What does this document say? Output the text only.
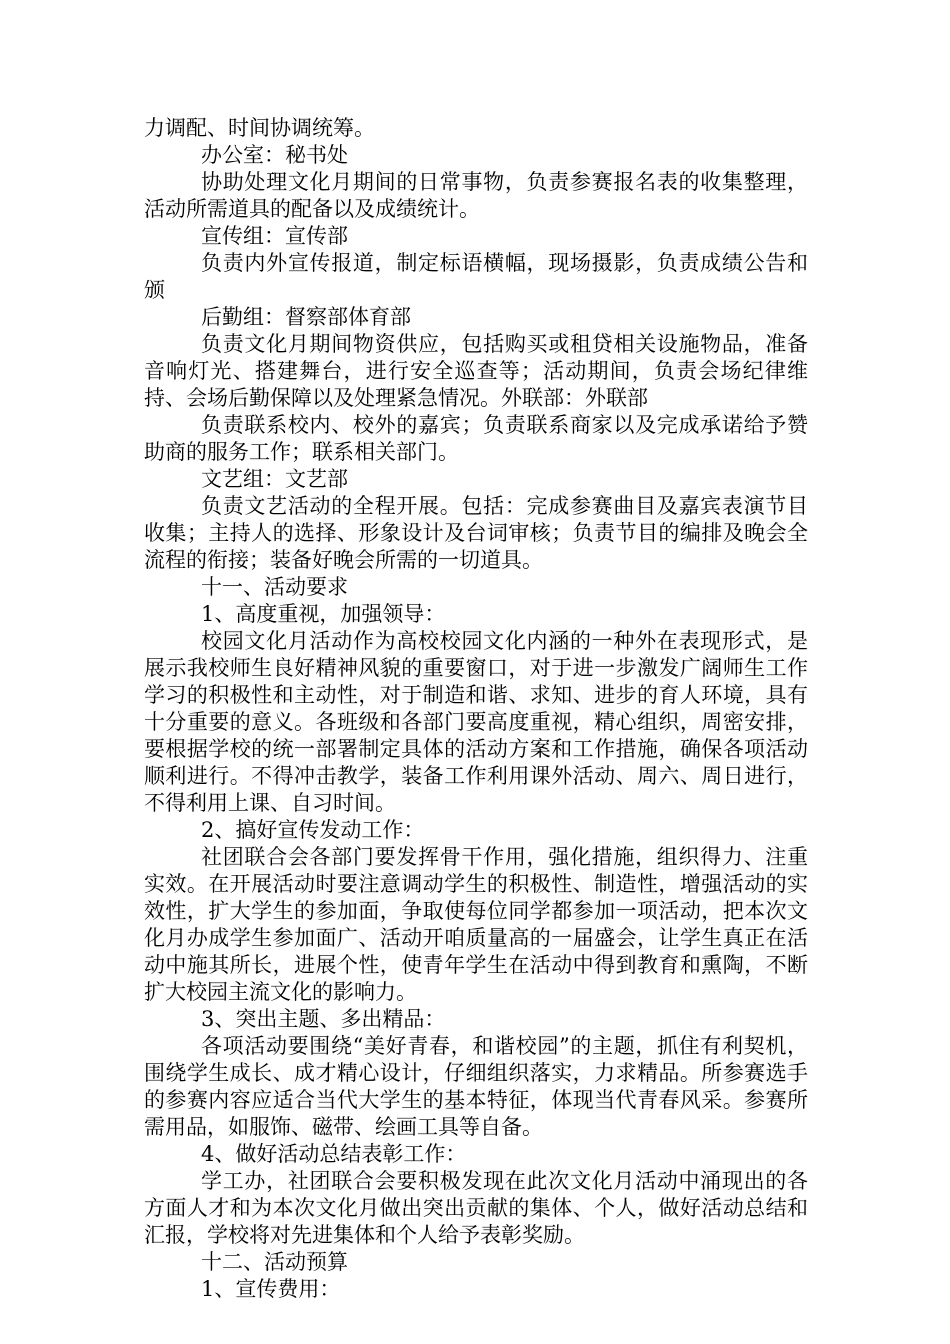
力调配、时间协调统筹。

办公室：秘书处

协助处理文化月期间的日常事物，负责参赛报名表的收集整理，活动所需道具的配备以及成绩统计。

宣传组：宣传部

负责内外宣传报道，制定标语横幅，现场摄影，负责成绩公告和颁

后勤组：督察部体育部

负责文化月期间物资供应，包括购买或租贷相关设施物品，准备音响灯光、搭建舞台，进行安全巡查等；活动期间，负责会场纪律维持、会场后勤保障以及处理紧急情况。外联部：外联部

负责联系校内、校外的嘉宾；负责联系商家以及完成承诺给予赞助商的服务工作；联系相关部门。

文艺组：文艺部

负责文艺活动的全程开展。包括：完成参赛曲目及嘉宾表演节目收集；主持人的选择、形象设计及台词审核；负责节目的编排及晚会全流程的衔接；装备好晚会所需的一切道具。

十一、活动要求

1、高度重视，加强领导：

校园文化月活动作为高校校园文化内涵的一种外在表现形式，是展示我校师生良好精神风貌的重要窗口，对于进一步激发广阔师生工作学习的积极性和主动性，对于制造和谐、求知、进步的育人环境，具有十分重要的意义。各班级和各部门要高度重视，精心组织，周密安排，要根据学校的统一部署制定具体的活动方案和工作措施，确保各项活动顺利进行。不得冲击教学，装备工作利用课外活动、周六、周日进行，不得利用上课、自习时间。

2、搞好宣传发动工作：

社团联合会各部门要发挥骨干作用，强化措施，组织得力、注重实效。在开展活动时要注意调动学生的积极性、制造性，增强活动的实效性，扩大学生的参加面，争取使每位同学都参加一项活动，把本次文化月办成学生参加面广、活动开咱质量高的一届盛会，让学生真正在活动中施其所长，进展个性，使青年学生在活动中得到教育和熏陶，不断扩大校园主流文化的影响力。

3、突出主题、多出精品：

各项活动要围绕“美好青春，和谐校园”的主题，抓住有利契机，围绕学生成长、成才精心设计，仔细组织落实，力求精品。所参赛选手的参赛内容应适合当代大学生的基本特征，体现当代青春风采。参赛所需用品，如服饰、磁带、绘画工具等自备。

4、做好活动总结表彰工作：

学工办，社团联合会要积极发现在此次文化月活动中涌现出的各方面人才和为本次文化月做出突出贡献的集体、个人，做好活动总结和汇报，学校将对先进集体和个人给予表彰奖励。

十二、活动预算

1、宣传费用：
